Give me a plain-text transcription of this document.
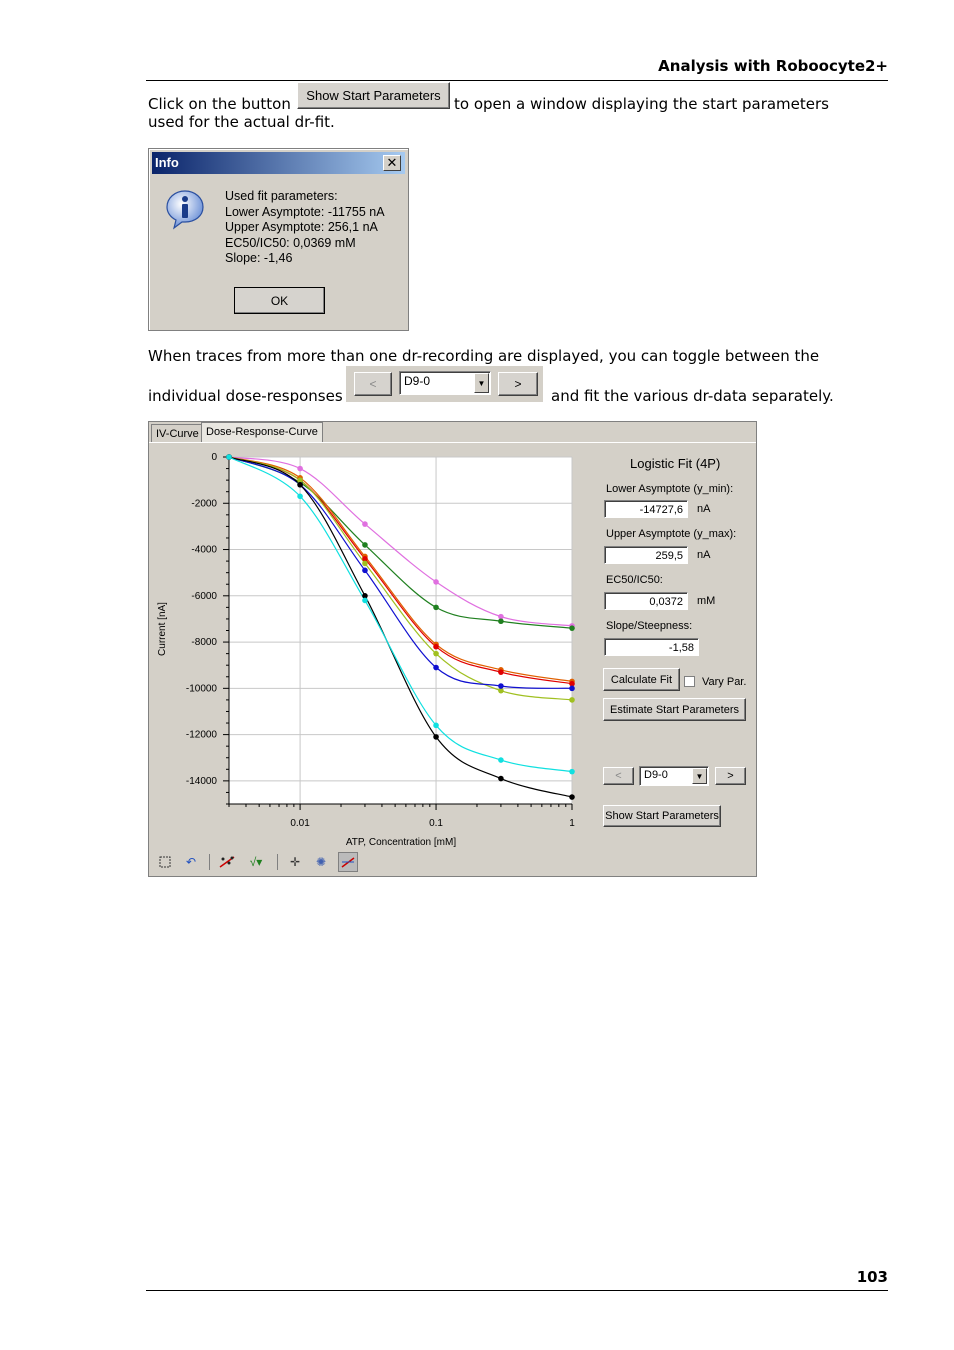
Analysis with Roboocyte2+
Click on the button	Show Start Parameters to open a window displaying the start parameters
used for the actual dr-fit.
Info	✕
Used fit parameters:
Lower Asymptote: -11755 nA
Upper Asymptote: 256,1 nA
EC50/IC50: 0,0369 mM
Slope: -1,46
OK
When traces from more than one dr-recording are displayed, you can toggle between the
individual dose-responses
<	D9-0	▼	>
and fit the various dr-data separately.
IV-Curve Dose-Response-Curve
0
-2000
-4000
-6000
-8000
-10000
-12000
-14000
0.01	0.1	1
ATP, Concentration [mM]
Current [nA]
Logistic Fit (4P)
Lower Asymptote (y_min):
-14727,6	nA
Upper Asymptote (y_max):
259,5	nA
EC50/IC50:
0,0372	mM
Slope/Steepness:
-1,58
Calculate Fit	Vary Par.
Estimate Start Parameters
<	D9-0	▼	>
Show Start Parameters
↶	√▾	✛	✺
103
